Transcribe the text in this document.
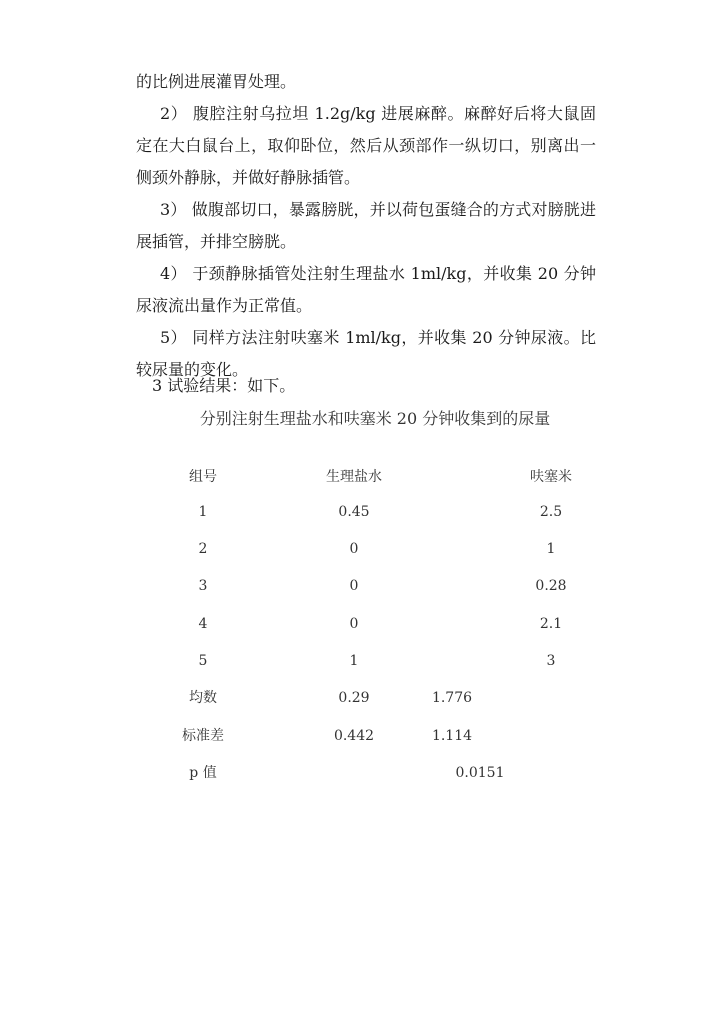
的比例进展灌胃处理。

2） 腹腔注射乌拉坦 1.2g/kg 进展麻醉。麻醉好后将大鼠固定在大白鼠台上，取仰卧位，然后从颈部作一纵切口，别离出一侧颈外静脉，并做好静脉插管。

3） 做腹部切口，暴露膀胱，并以荷包蛋缝合的方式对膀胱进展插管，并排空膀胱。

4） 于颈静脉插管处注射生理盐水 1ml/kg，并收集 20 分钟尿液流出量作为正常值。

5） 同样方法注射呋塞米 1ml/kg，并收集 20 分钟尿液。比较尿量的变化。

3 试验结果：如下。

分别注射生理盐水和呋塞米 20 分钟收集到的尿量

组号	生理盐水	呋塞米
1	0.45	2.5
2	0	1
3	0	0.28
4	0	2.1
5	1	3
均数	0.29	1.776
标准差	0.442	1.114
p 值	0.0151
